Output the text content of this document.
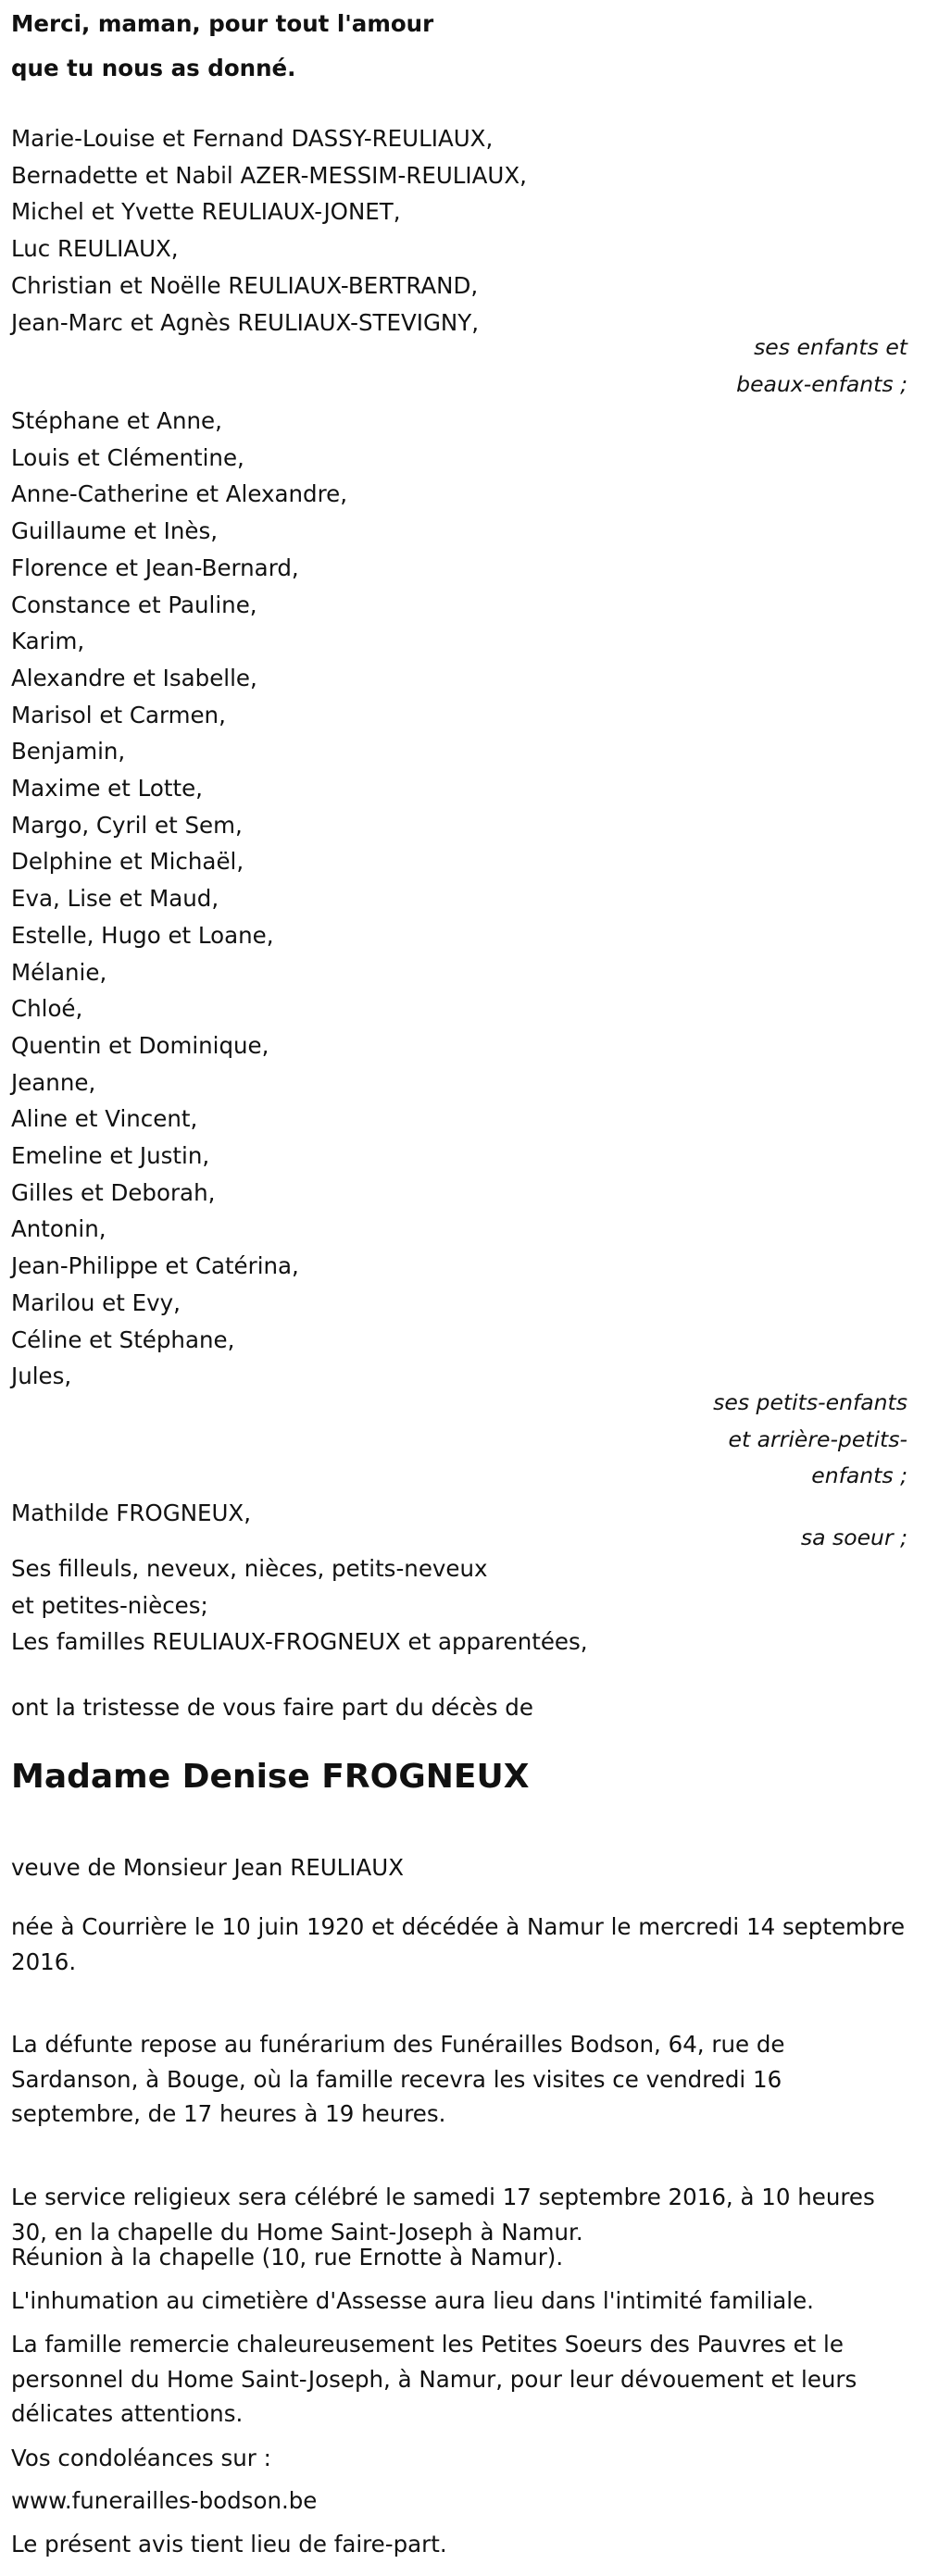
Merci, maman, pour tout l'amour
que tu nous as donné.
Marie-Louise et Fernand DASSY-REULIAUX,
Bernadette et Nabil AZER-MESSIM-REULIAUX,
Michel et Yvette REULIAUX-JONET,
Luc REULIAUX,
Christian et Noëlle REULIAUX-BERTRAND,
Jean-Marc et Agnès REULIAUX-STEVIGNY,
ses enfants et
beaux-enfants ;
Stéphane et Anne,
Louis et Clémentine,
Anne-Catherine et Alexandre,
Guillaume et Inès,
Florence et Jean-Bernard,
Constance et Pauline,
Karim,
Alexandre et Isabelle,
Marisol et Carmen,
Benjamin,
Maxime et Lotte,
Margo, Cyril et Sem,
Delphine et Michaël,
Eva, Lise et Maud,
Estelle, Hugo et Loane,
Mélanie,
Chloé,
Quentin et Dominique,
Jeanne,
Aline et Vincent,
Emeline et Justin,
Gilles et Deborah,
Antonin,
Jean-Philippe et Catérina,
Marilou et Evy,
Céline et Stéphane,
Jules,
ses petits-enfants
et arrière-petits-
enfants ;
Mathilde FROGNEUX,
sa soeur ;
Ses filleuls, neveux, nièces, petits-neveux
et petites-nièces;
Les familles REULIAUX-FROGNEUX et apparentées,
ont la tristesse de vous faire part du décès de
Madame Denise FROGNEUX
veuve de Monsieur Jean REULIAUX
née à Courrière le 10 juin 1920 et décédée à Namur le mercredi 14 septembre 2016.
La défunte repose au funérarium des Funérailles Bodson, 64, rue de Sardanson, à Bouge, où la famille recevra les visites ce vendredi 16 septembre, de 17 heures à 19 heures.
Le service religieux sera célébré le samedi 17 septembre 2016, à 10 heures 30, en la chapelle du Home Saint-Joseph à Namur.
Réunion à la chapelle (10, rue Ernotte à Namur).
L'inhumation au cimetière d'Assesse aura lieu dans l'intimité familiale.
La famille remercie chaleureusement les Petites Soeurs des Pauvres et le personnel du Home Saint-Joseph, à Namur, pour leur dévouement et leurs délicates attentions.
Vos condoléances sur :
www.funerailles-bodson.be
Le présent avis tient lieu de faire-part.
